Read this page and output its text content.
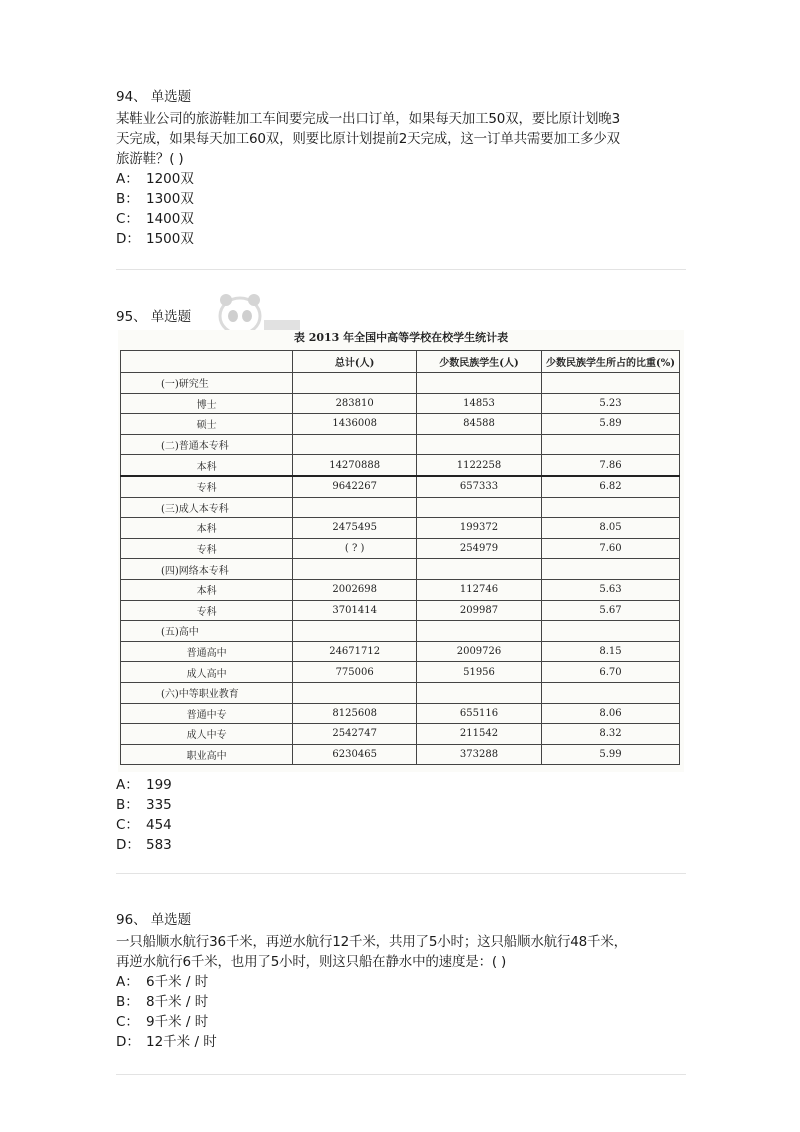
94、 单选题
某鞋业公司的旅游鞋加工车间要完成一出口订单，如果每天加工50双，要比原计划晚3
天完成，如果每天加工60双，则要比原计划提前2天完成，这一订单共需要加工多少双
旅游鞋？( )
A： 1200双
B： 1300双
C： 1400双
D： 1500双
95、 单选题
表 2013 年全国中高等学校在校学生统计表
	总计(人)	少数民族学生(人)	少数民族学生所占的比重(%)
(一)研究生			
博士	283810	14853	5.23
硕士	1436008	84588	5.89
(二)普通本专科			
本科	14270888	1122258	7.86
专科	9642267	657333	6.82
(三)成人本专科			
本科	2475495	199372	8.05
专科	( ? )	254979	7.60
(四)网络本专科			
本科	2002698	112746	5.63
专科	3701414	209987	5.67
(五)高中			
普通高中	24671712	2009726	8.15
成人高中	775006	51956	6.70
(六)中等职业教育			
普通中专	8125608	655116	8.06
成人中专	2542747	211542	8.32
职业高中	6230465	373288	5.99
A： 199
B： 335
C： 454
D： 583
96、 单选题
一只船顺水航行36千米，再逆水航行12千米，共用了5小时；这只船顺水航行48千米，
再逆水航行6千米，也用了5小时，则这只船在静水中的速度是：( )
A： 6千米 / 时
B： 8千米 / 时
C： 9千米 / 时
D： 12千米 / 时
